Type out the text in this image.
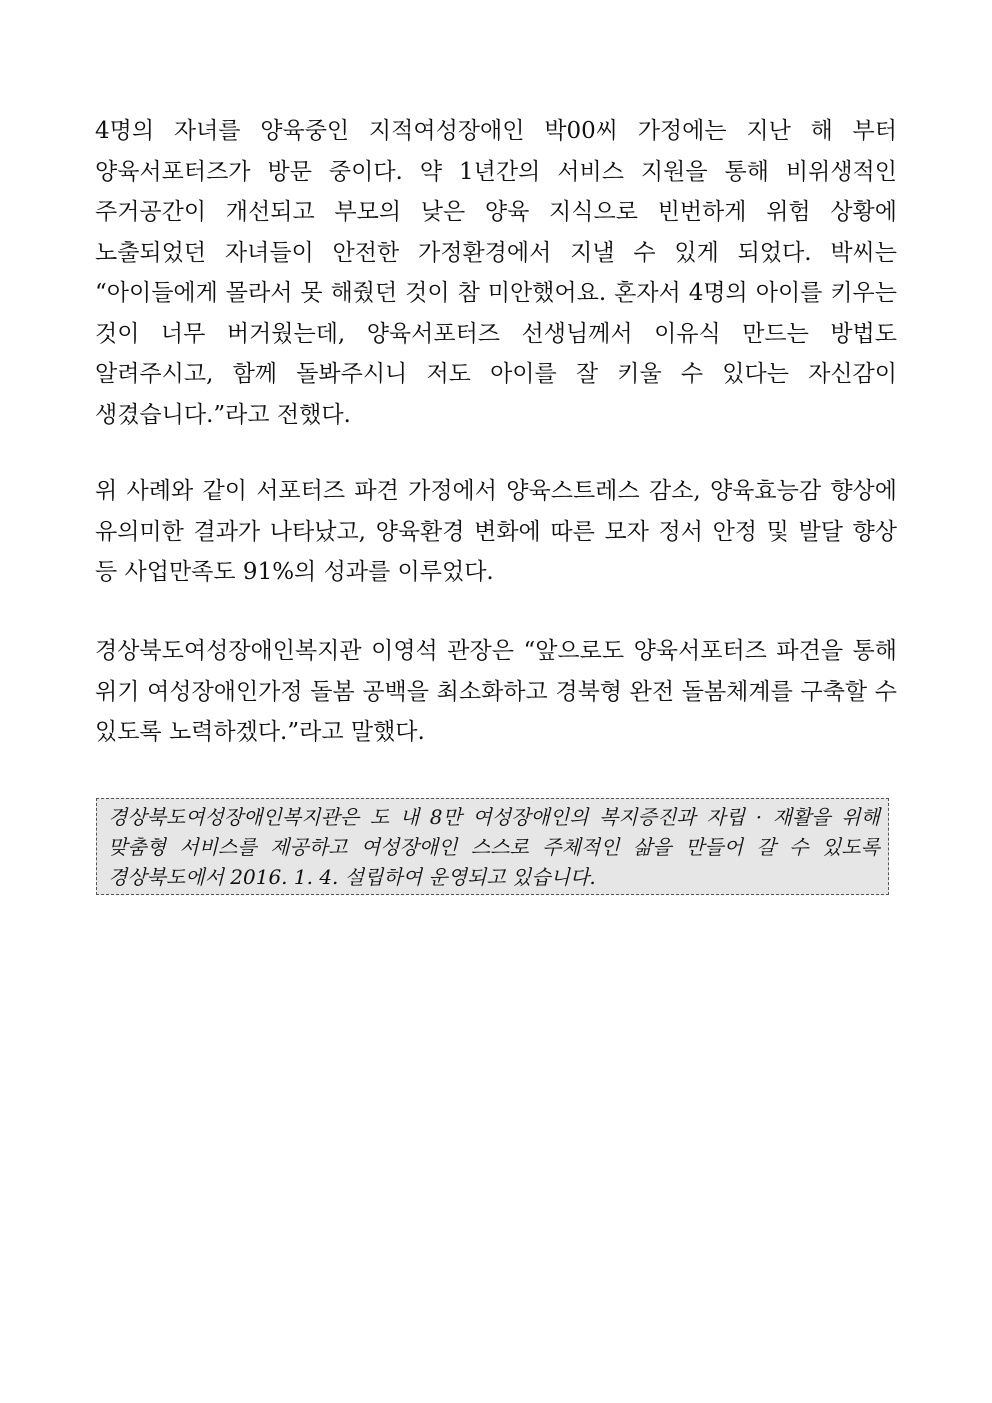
4명의 자녀를 양육중인 지적여성장애인 박00씨 가정에는 지난 해 부터 양육서포터즈가 방문 중이다. 약 1년간의 서비스 지원을 통해 비위생적인 주거공간이 개선되고 부모의 낮은 양육 지식으로 빈번하게 위험 상황에 노출되었던 자녀들이 안전한 가정환경에서 지낼 수 있게 되었다. 박씨는 “아이들에게 몰라서 못 해줬던 것이 참 미안했어요. 혼자서 4명의 아이를 키우는 것이 너무 버거웠는데, 양육서포터즈 선생님께서 이유식 만드는 방법도 알려주시고, 함께 돌봐주시니 저도 아이를 잘 키울 수 있다는 자신감이 생겼습니다.”라고 전했다.

위 사례와 같이 서포터즈 파견 가정에서 양육스트레스 감소, 양육효능감 향상에 유의미한 결과가 나타났고, 양육환경 변화에 따른 모자 정서 안정 및 발달 향상 등 사업만족도 91%의 성과를 이루었다.

경상북도여성장애인복지관 이영석 관장은 “앞으로도 양육서포터즈 파견을 통해 위기 여성장애인가정 돌봄 공백을 최소화하고 경북형 완전 돌봄체계를 구축할 수 있도록 노력하겠다.”라고 말했다.

경상북도여성장애인복지관은 도 내 8만 여성장애인의 복지증진과 자립 · 재활을 위해 맞춤형 서비스를 제공하고 여성장애인 스스로 주체적인 삶을 만들어 갈 수 있도록 경상북도에서 2016. 1. 4. 설립하여 운영되고 있습니다.
